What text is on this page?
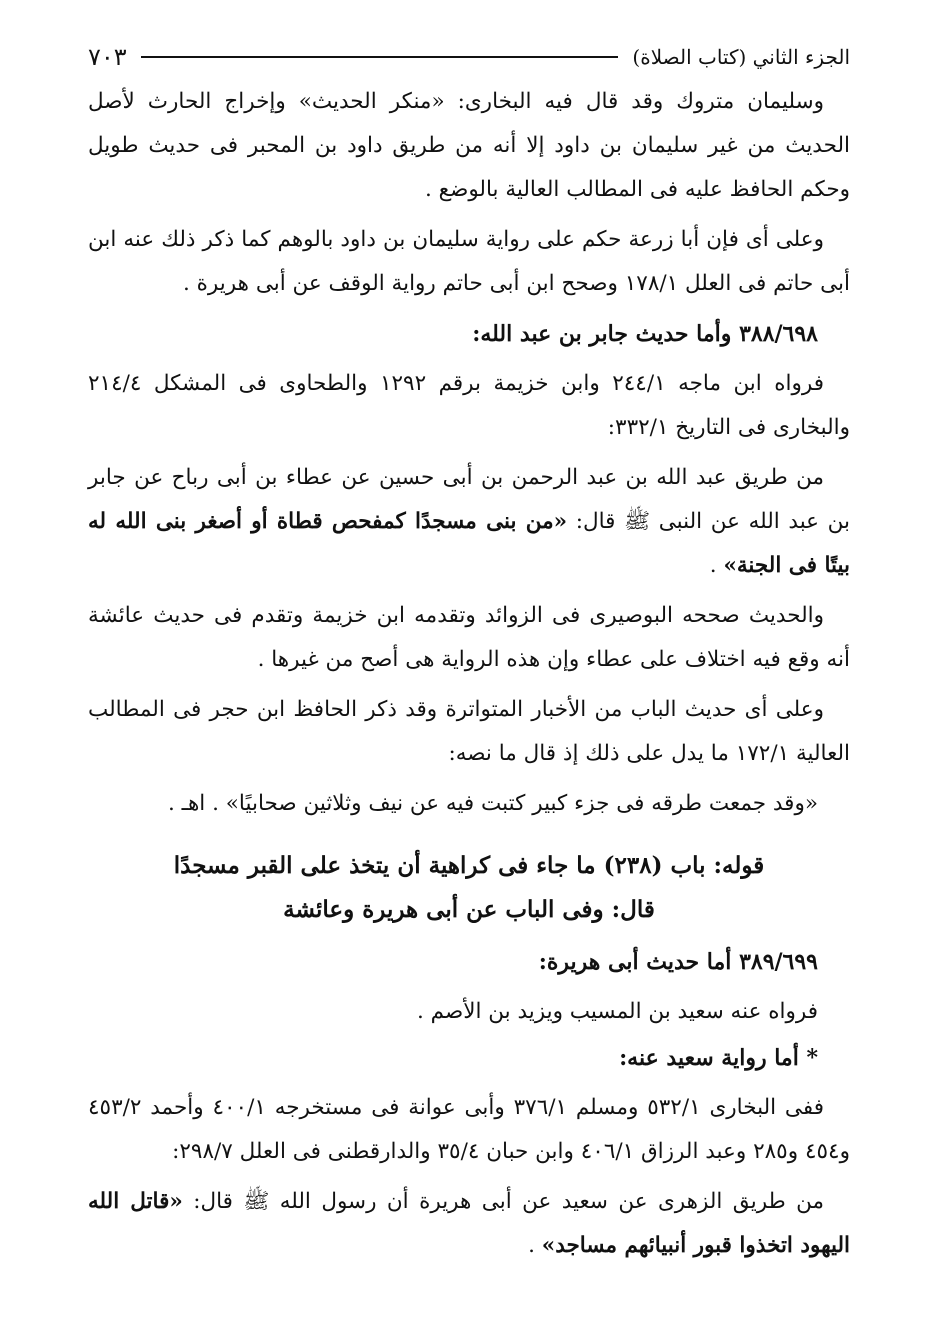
الجزء الثاني (كتاب الصلاة)
٧٠٣

وسليمان متروك وقد قال فيه البخارى: «منكر الحديث» وإخراج الحارث لأصل الحديث من غير سليمان بن داود إلا أنه من طريق داود بن المحبر فى حديث طويل وحكم الحافظ عليه فى المطالب العالية بالوضع .

وعلى أى فإن أبا زرعة حكم على رواية سليمان بن داود بالوهم كما ذكر ذلك عنه ابن أبى حاتم فى العلل ١٧٨/١ وصحح ابن أبى حاتم رواية الوقف عن أبى هريرة .

٣٨٨/٦٩٨ وأما حديث جابر بن عبد الله:

فرواه ابن ماجه ٢٤٤/١ وابن خزيمة برقم ١٢٩٢ والطحاوى فى المشكل ٢١٤/٤ والبخارى فى التاريخ ٣٣٢/١:

من طريق عبد الله بن عبد الرحمن بن أبى حسين عن عطاء بن أبى رباح عن جابر بن عبد الله عن النبى ﷺ قال: «من بنى مسجدًا كمفحص قطاة أو أصغر بنى الله له بيتًا فى الجنة» .

والحديث صححه البوصيرى فى الزوائد وتقدمه ابن خزيمة وتقدم فى حديث عائشة أنه وقع فيه اختلاف على عطاء وإن هذه الرواية هى أصح من غيرها .

وعلى أى حديث الباب من الأخبار المتواترة وقد ذكر الحافظ ابن حجر فى المطالب العالية ١٧٢/١ ما يدل على ذلك إذ قال ما نصه:

«وقد جمعت طرقه فى جزء كبير كتبت فيه عن نيف وثلاثين صحابيًا» . اهـ .

قوله: باب (٢٣٨) ما جاء فى كراهية أن يتخذ على القبر مسجدًا

قال: وفى الباب عن أبى هريرة وعائشة

٣٨٩/٦٩٩ أما حديث أبى هريرة:

فرواه عنه سعيد بن المسيب ويزيد بن الأصم .

* أما رواية سعيد عنه:

ففى البخارى ٥٣٢/١ ومسلم ٣٧٦/١ وأبى عوانة فى مستخرجه ٤٠٠/١ وأحمد ٤٥٣/٢ و٤٥٤ و٢٨٥ وعبد الرزاق ٤٠٦/١ وابن حبان ٣٥/٤ والدارقطنى فى العلل ٢٩٨/٧:

من طريق الزهرى عن سعيد عن أبى هريرة أن رسول الله ﷺ قال: «قاتل الله اليهود اتخذوا قبور أنبيائهم مساجد» .
